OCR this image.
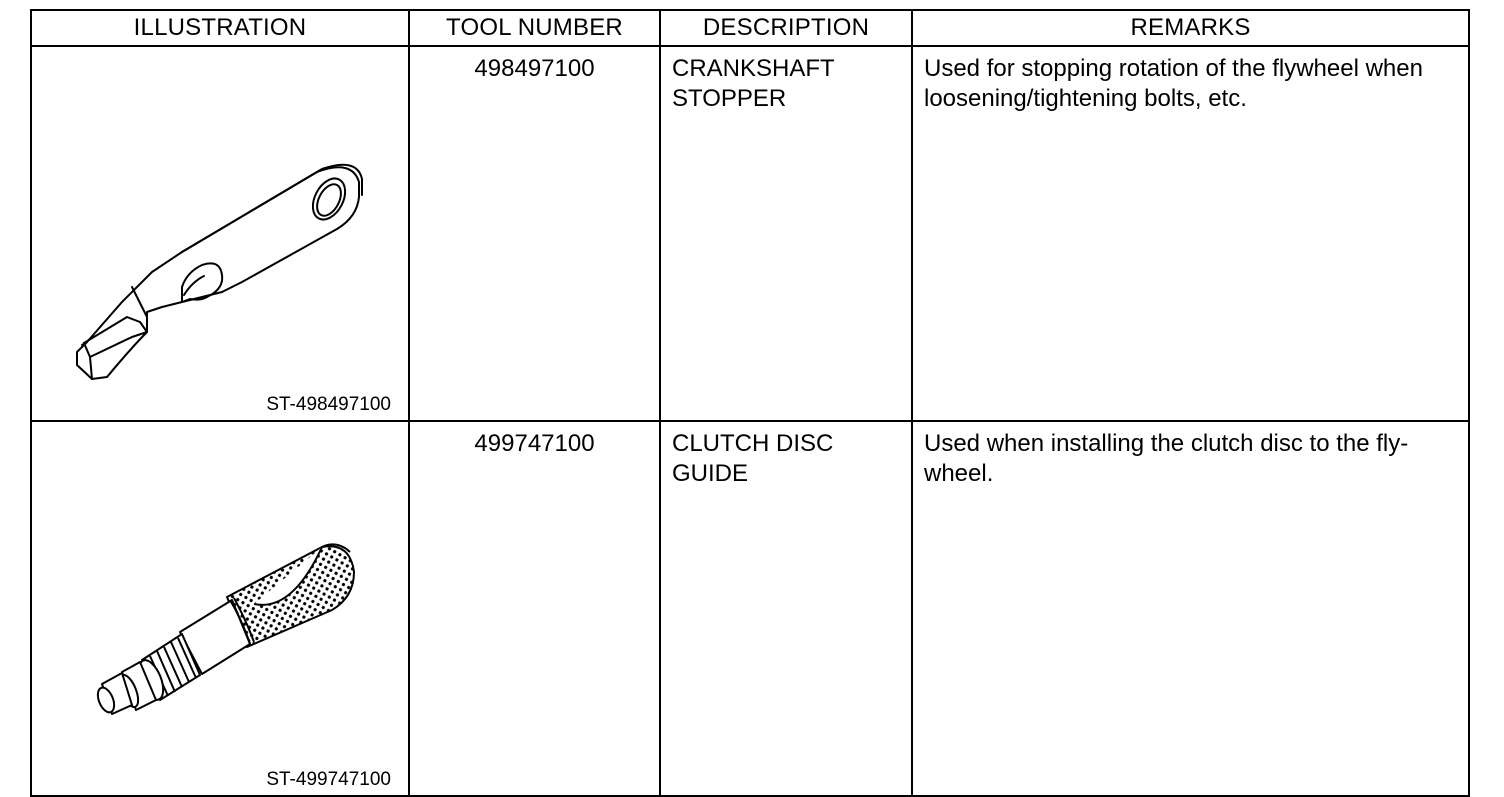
ILLUSTRATION	TOOL NUMBER	DESCRIPTION	REMARKS

ST-498497100	498497100	CRANKSHAFT STOPPER	Used for stopping rotation of the flywheel when loosening/tightening bolts, etc.

ST-499747100	499747100	CLUTCH DISC GUIDE	Used when installing the clutch disc to the fly-wheel.
